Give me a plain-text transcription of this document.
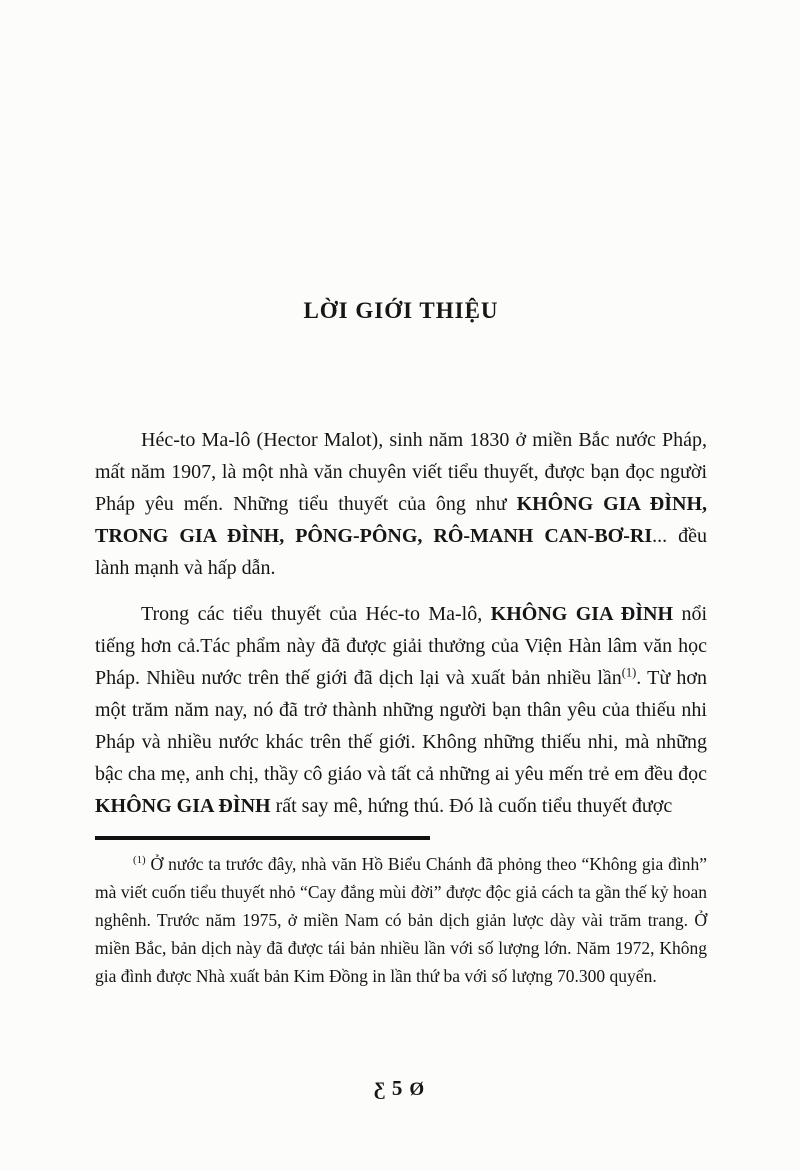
LỜI GIỚI THIỆU

Héc-to Ma-lô (Hector Malot), sinh năm 1830 ở miền Bắc nước Pháp, mất năm 1907, là một nhà văn chuyên viết tiểu thuyết, được bạn đọc người Pháp yêu mến. Những tiểu thuyết của ông như KHÔNG GIA ĐÌNH, TRONG GIA ĐÌNH, PÔNG-PÔNG, RÔ-MANH CAN-BƠ-RI... đều lành mạnh và hấp dẫn.

Trong các tiểu thuyết của Héc-to Ma-lô, KHÔNG GIA ĐÌNH nổi tiếng hơn cả.Tác phẩm này đã được giải thưởng của Viện Hàn lâm văn học Pháp. Nhiều nước trên thế giới đã dịch lại và xuất bản nhiều lần$^{(1)}$. Từ hơn một trăm năm nay, nó đã trở thành những người bạn thân yêu của thiếu nhi Pháp và nhiều nước khác trên thế giới. Không những thiếu nhi, mà những bậc cha mẹ, anh chị, thầy cô giáo và tất cả những ai yêu mến trẻ em đều đọc KHÔNG GIA ĐÌNH rất say mê, hứng thú. Đó là cuốn tiểu thuyết được

$^{(1)}$ Ở nước ta trước đây, nhà văn Hồ Biểu Chánh đã phỏng theo “Không gia đình” mà viết cuốn tiểu thuyết nhỏ “Cay đắng mùi đời” được độc giả cách ta gần thế kỷ hoan nghênh. Trước năm 1975, ở miền Nam có bản dịch giản lược dày vài trăm trang. Ở miền Bắc, bản dịch này đã được tái bản nhiều lần với số lượng lớn. Năm 1972, Không gia đình được Nhà xuất bản Kim Đồng in lần thứ ba với số lượng 70.300 quyển.
Ƹ 5 Ø
